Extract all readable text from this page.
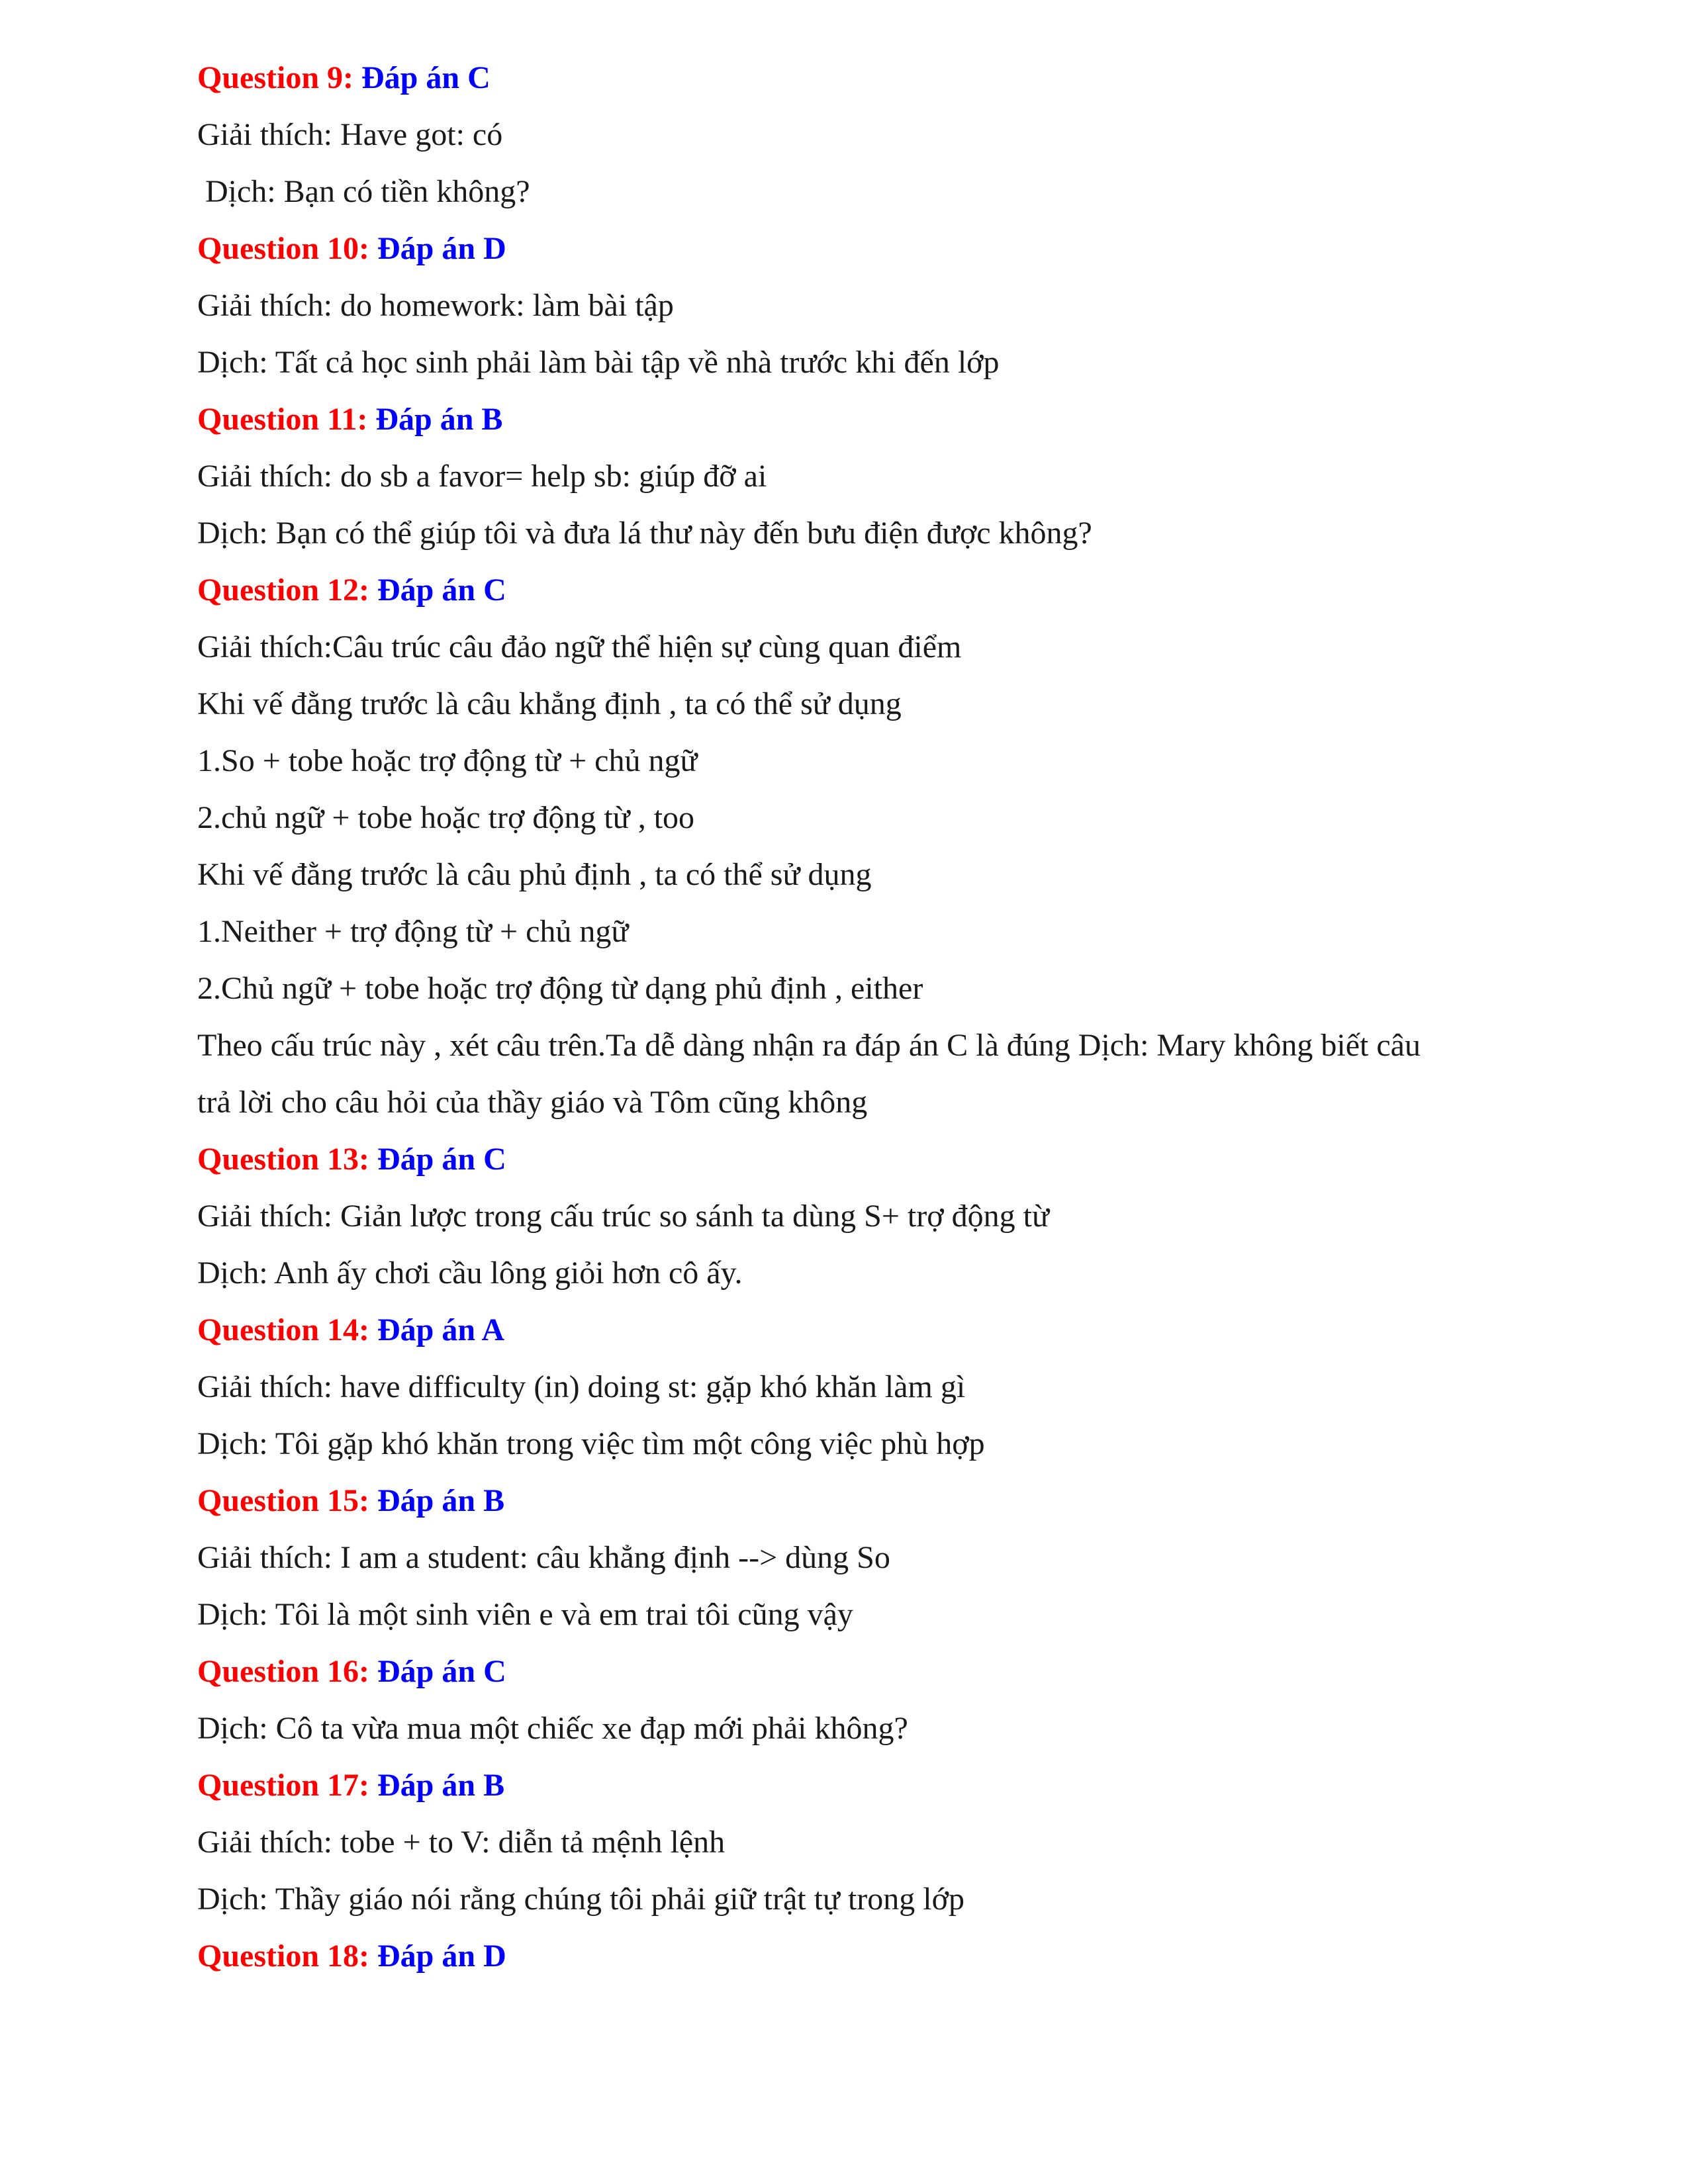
Question 9: Đáp án C
Giải thích: Have got: có
Dịch: Bạn có tiền không?
Question 10: Đáp án D
Giải thích: do homework: làm bài tập
Dịch: Tất cả học sinh phải làm bài tập về nhà trước khi đến lớp
Question 11: Đáp án B
Giải thích: do sb a favor= help sb: giúp đỡ ai
Dịch: Bạn có thể giúp tôi và đưa lá thư này đến bưu điện được không?
Question 12: Đáp án C
Giải thích:Câu trúc câu đảo ngữ thể hiện sự cùng quan điểm
Khi vế đằng trước là câu khẳng định , ta có thể sử dụng
1.So + tobe hoặc trợ động từ + chủ ngữ
2.chủ ngữ + tobe hoặc trợ động từ , too
Khi vế đằng trước là câu phủ định , ta có thể sử dụng
1.Neither + trợ động từ + chủ ngữ
2.Chủ ngữ + tobe hoặc trợ động từ dạng phủ định , either
Theo cấu trúc này , xét câu trên.Ta dễ dàng nhận ra đáp án C là đúng Dịch: Mary không biết câu
trả lời cho câu hỏi của thầy giáo và Tôm cũng không
Question 13: Đáp án C
Giải thích: Giản lược trong cấu trúc so sánh ta dùng S+ trợ động từ
Dịch: Anh ấy chơi cầu lông giỏi hơn cô ấy.
Question 14: Đáp án A
Giải thích: have difficulty (in) doing st: gặp khó khăn làm gì
Dịch: Tôi gặp khó khăn trong việc tìm một công việc phù hợp
Question 15: Đáp án B
Giải thích: I am a student: câu khẳng định --> dùng So
Dịch: Tôi là một sinh viên e và em trai tôi cũng vậy
Question 16: Đáp án C
Dịch: Cô ta vừa mua một chiếc xe đạp mới phải không?
Question 17: Đáp án B
Giải thích: tobe + to V: diễn tả mệnh lệnh
Dịch: Thầy giáo nói rằng chúng tôi phải giữ trật tự trong lớp
Question 18: Đáp án D
